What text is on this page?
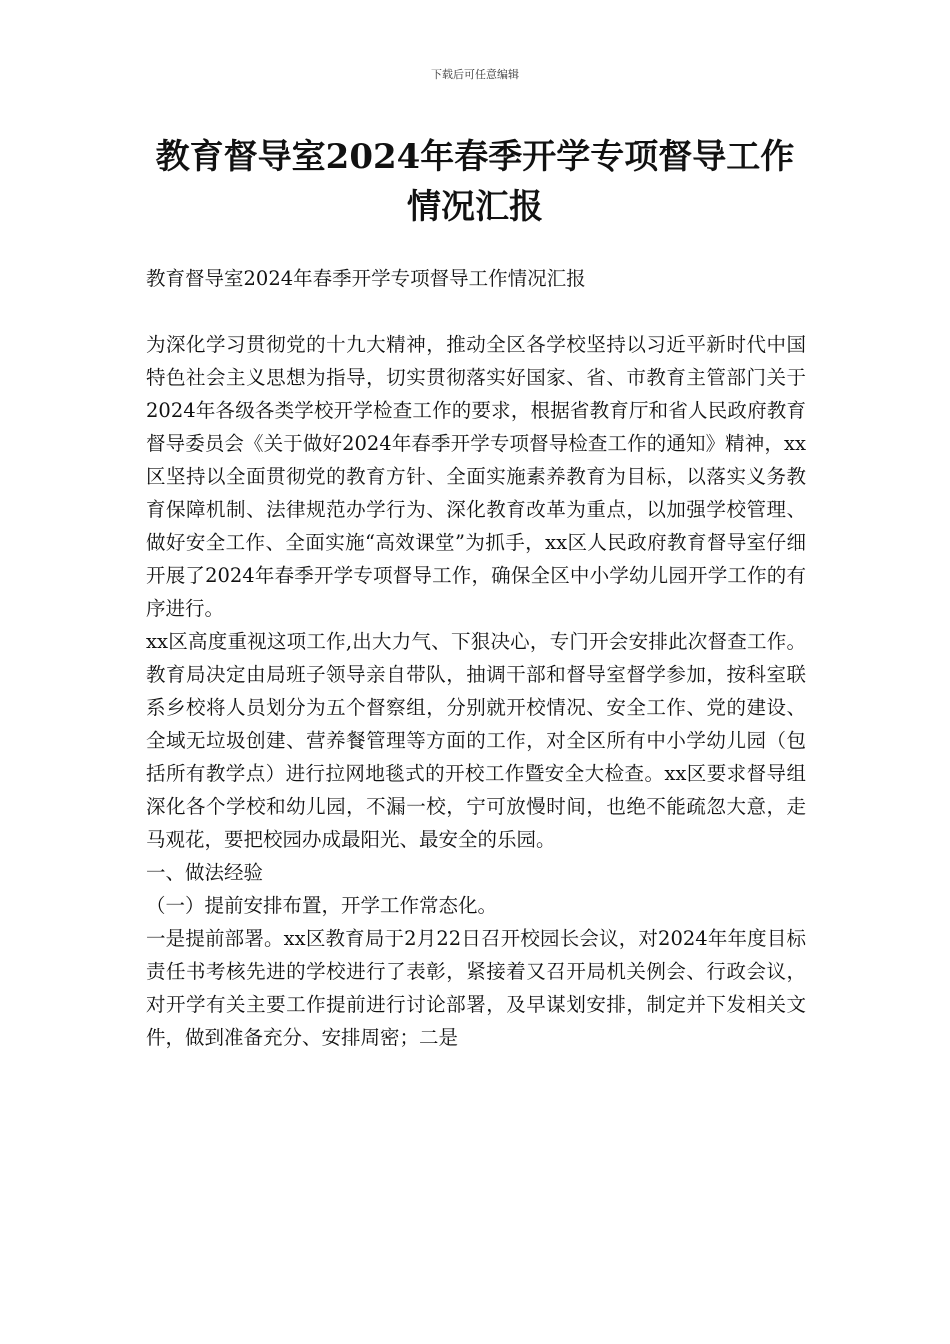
下载后可任意编辑
教育督导室2024年春季开学专项督导工作情况汇报

教育督导室2024年春季开学专项督导工作情况汇报

为深化学习贯彻党的十九大精神，推动全区各学校坚持以习近平新时代中国特色社会主义思想为指导，切实贯彻落实好国家、省、市教育主管部门关于2024年各级各类学校开学检查工作的要求，根据省教育厅和省人民政府教育督导委员会《关于做好2024年春季开学专项督导检查工作的通知》精神，xx区坚持以全面贯彻党的教育方针、全面实施素养教育为目标，以落实义务教育保障机制、法律规范办学行为、深化教育改革为重点，以加强学校管理、做好安全工作、全面实施“高效课堂”为抓手，xx区人民政府教育督导室仔细开展了2024年春季开学专项督导工作，确保全区中小学幼儿园开学工作的有序进行。

xx区高度重视这项工作,出大力气、下狠决心，专门开会安排此次督查工作。教育局决定由局班子领导亲自带队，抽调干部和督导室督学参加，按科室联系乡校将人员划分为五个督察组，分别就开校情况、安全工作、党的建设、全域无垃圾创建、营养餐管理等方面的工作，对全区所有中小学幼儿园（包括所有教学点）进行拉网地毯式的开校工作暨安全大检查。xx区要求督导组深化各个学校和幼儿园，不漏一校，宁可放慢时间，也绝不能疏忽大意，走马观花，要把校园办成最阳光、最安全的乐园。

一、做法经验

（一）提前安排布置，开学工作常态化。

一是提前部署。xx区教育局于2月22日召开校园长会议，对2024年年度目标责任书考核先进的学校进行了表彰，紧接着又召开局机关例会、行政会议，对开学有关主要工作提前进行讨论部署，及早谋划安排，制定并下发相关文件，做到准备充分、安排周密；二是
